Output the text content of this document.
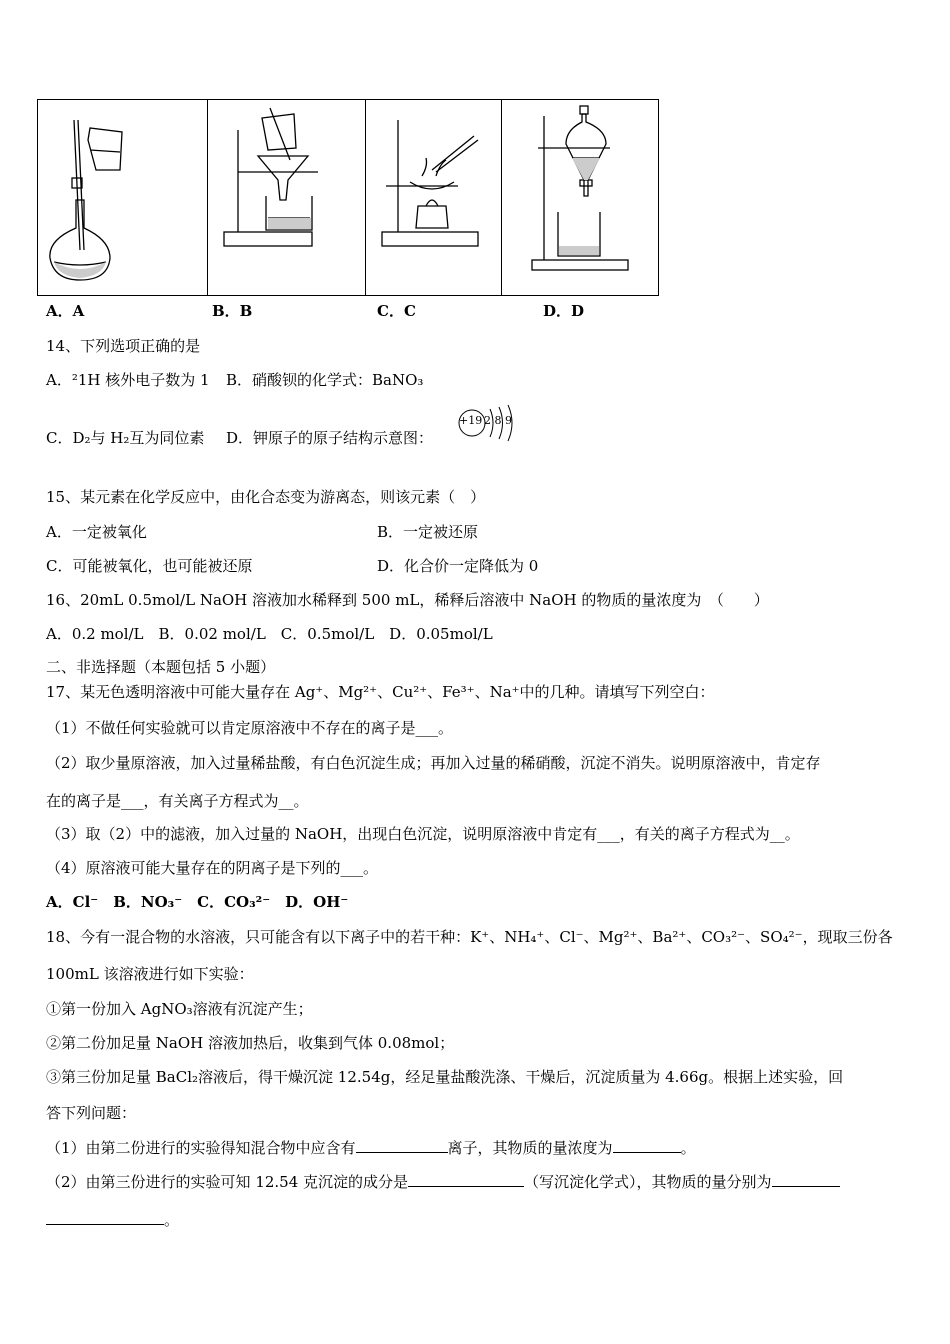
A．A	B．B	C．C	D．D
14、下列选项正确的是
A．²1H 核外电子数为 1 B．硝酸钡的化学式：BaNO₃
C．D₂与 H₂互为同位素 D．钾原子的原子结构示意图：
+19 2 8 9
15、某元素在化学反应中，由化合态变为游离态，则该元素（　）
A．一定被氧化	B．一定被还原
C．可能被氧化，也可能被还原	D．化合价一定降低为 0
16、20mL 0.5mol/L NaOH 溶液加水稀释到 500 mL，稀释后溶液中 NaOH 的物质的量浓度为　（　　）
A．0.2 mol/L　B．0.02 mol/L　C．0.5mol/L　D．0.05mol/L
二、非选择题（本题包括 5 小题）
17、某无色透明溶液中可能大量存在 Ag⁺、Mg²⁺、Cu²⁺、Fe³⁺、Na⁺中的几种。请填写下列空白：
（1）不做任何实验就可以肯定原溶液中不存在的离子是___。
（2）取少量原溶液，加入过量稀盐酸，有白色沉淀生成；再加入过量的稀硝酸，沉淀不消失。说明原溶液中，肯定存
在的离子是___，有关离子方程式为__。
（3）取（2）中的滤液，加入过量的 NaOH，出现白色沉淀，说明原溶液中肯定有___，有关的离子方程式为__。
（4）原溶液可能大量存在的阴离子是下列的___。
A．Cl⁻　B．NO₃⁻　C．CO₃²⁻　D．OH⁻
18、今有一混合物的水溶液，只可能含有以下离子中的若干种：K⁺、NH₄⁺、Cl⁻、Mg²⁺、Ba²⁺、CO₃²⁻、SO₄²⁻，现取三份各
100mL 该溶液进行如下实验：
①第一份加入 AgNO₃溶液有沉淀产生；
②第二份加足量 NaOH 溶液加热后，收集到气体 0.08mol；
③第三份加足量 BaCl₂溶液后，得干燥沉淀 12.54g，经足量盐酸洗涤、干燥后，沉淀质量为 4.66g。根据上述实验，回
答下列问题：
（1）由第二份进行的实验得知混合物中应含有	离子，其物质的量浓度为	。
（2）由第三份进行的实验可知 12.54 克沉淀的成分是	（写沉淀化学式），其物质的量分别为
。
